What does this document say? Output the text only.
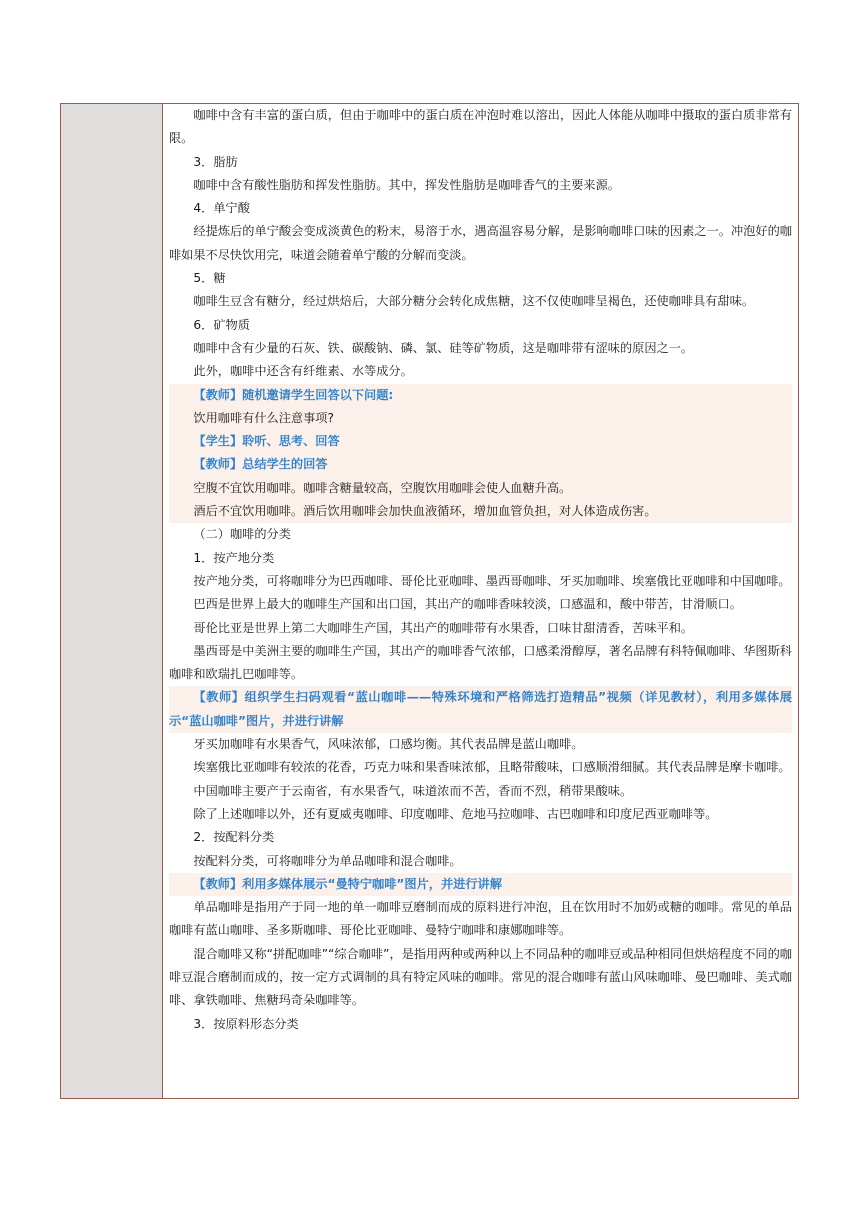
咖啡中含有丰富的蛋白质，但由于咖啡中的蛋白质在冲泡时难以溶出，因此人体能从咖啡中摄取的蛋白质非常有限。

3．脂肪

咖啡中含有酸性脂肪和挥发性脂肪。其中，挥发性脂肪是咖啡香气的主要来源。

4．单宁酸

经提炼后的单宁酸会变成淡黄色的粉末，易溶于水，遇高温容易分解，是影响咖啡口味的因素之一。冲泡好的咖啡如果不尽快饮用完，味道会随着单宁酸的分解而变淡。

5．糖

咖啡生豆含有糖分，经过烘焙后，大部分糖分会转化成焦糖，这不仅使咖啡呈褐色，还使咖啡具有甜味。

6．矿物质

咖啡中含有少量的石灰、铁、碳酸钠、磷、氯、硅等矿物质，这是咖啡带有涩味的原因之一。

此外，咖啡中还含有纤维素、水等成分。

【教师】随机邀请学生回答以下问题:

饮用咖啡有什么注意事项?

【学生】聆听、思考、回答

【教师】总结学生的回答

空腹不宜饮用咖啡。咖啡含糖量较高，空腹饮用咖啡会使人血糖升高。

酒后不宜饮用咖啡。酒后饮用咖啡会加快血液循环，增加血管负担，对人体造成伤害。

（二）咖啡的分类

1．按产地分类

按产地分类，可将咖啡分为巴西咖啡、哥伦比亚咖啡、墨西哥咖啡、牙买加咖啡、埃塞俄比亚咖啡和中国咖啡。

巴西是世界上最大的咖啡生产国和出口国，其出产的咖啡香味较淡，口感温和，酸中带苦，甘滑顺口。

哥伦比亚是世界上第二大咖啡生产国，其出产的咖啡带有水果香，口味甘甜清香，苦味平和。

墨西哥是中美洲主要的咖啡生产国，其出产的咖啡香气浓郁，口感柔滑醇厚，著名品牌有科特佩咖啡、华图斯科咖啡和欧瑞扎巴咖啡等。

【教师】组织学生扫码观看“蓝山咖啡——特殊环境和严格筛选打造精品”视频（详见教材），利用多媒体展示“蓝山咖啡”图片，并进行讲解

牙买加咖啡有水果香气，风味浓郁，口感均衡。其代表品牌是蓝山咖啡。

埃塞俄比亚咖啡有较浓的花香，巧克力味和果香味浓郁，且略带酸味，口感顺滑细腻。其代表品牌是摩卡咖啡。

中国咖啡主要产于云南省，有水果香气，味道浓而不苦，香而不烈，稍带果酸味。

除了上述咖啡以外，还有夏威夷咖啡、印度咖啡、危地马拉咖啡、古巴咖啡和印度尼西亚咖啡等。

2．按配料分类

按配料分类，可将咖啡分为单品咖啡和混合咖啡。

【教师】利用多媒体展示“曼特宁咖啡”图片，并进行讲解

单品咖啡是指用产于同一地的单一咖啡豆磨制而成的原料进行冲泡，且在饮用时不加奶或糖的咖啡。常见的单品咖啡有蓝山咖啡、圣多斯咖啡、哥伦比亚咖啡、曼特宁咖啡和康娜咖啡等。

混合咖啡又称“拼配咖啡”“综合咖啡”，是指用两种或两种以上不同品种的咖啡豆或品种相同但烘焙程度不同的咖啡豆混合磨制而成的，按一定方式调制的具有特定风味的咖啡。常见的混合咖啡有蓝山风味咖啡、曼巴咖啡、美式咖啡、拿铁咖啡、焦糖玛奇朵咖啡等。

3．按原料形态分类
